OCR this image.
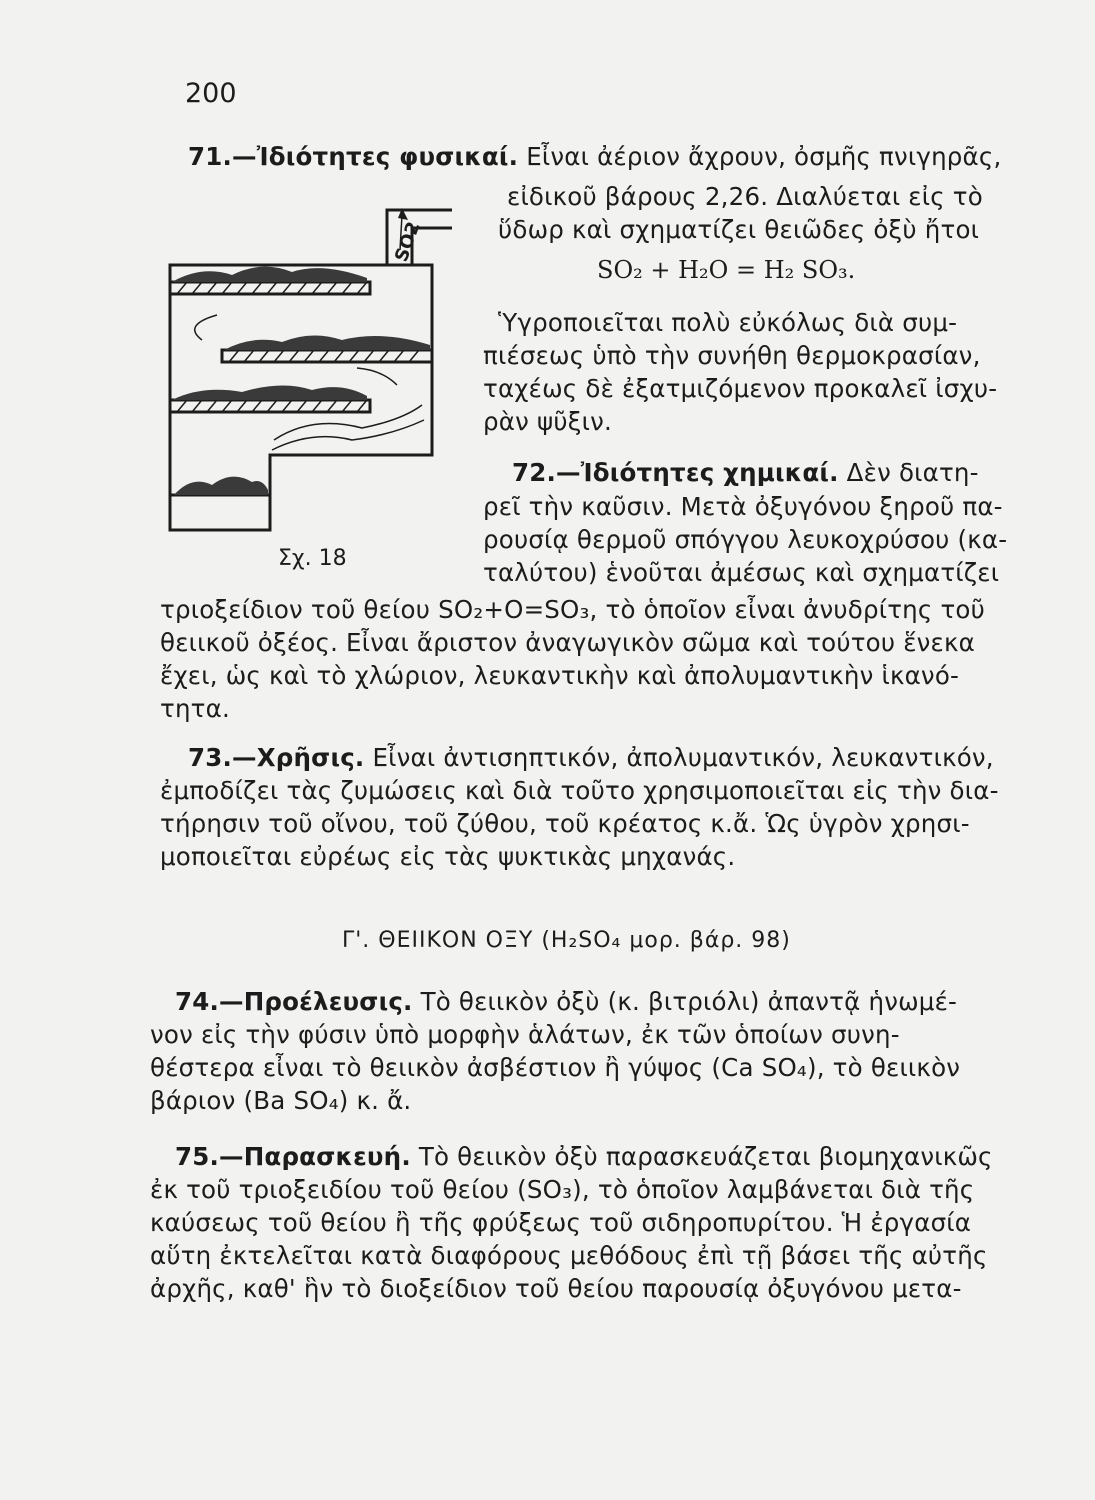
200
SO2
Σχ. 18
71.—Ἰδιότητες φυσικαί. Εἶναι ἀέριον ἄχρουν, ὀσμῆς πνιγηρᾶς,
εἰδικοῦ βάρους 2,26. Διαλύεται εἰς τὸ
ὕδωρ καὶ σχηματίζει θειῶδες ὀξὺ ἤτοι
SO₂ + H₂O = H₂ SO₃.
Ὑγροποιεῖται πολὺ εὐκόλως διὰ συμ-
πιέσεως ὑπὸ τὴν συνήθη θερμοκρασίαν,
ταχέως δὲ ἐξατμιζόμενον προκαλεῖ ἰσχυ-
ρὰν ψῦξιν.
72.—Ἰδιότητες χημικαί. Δὲν διατη-
ρεῖ τὴν καῦσιν. Μετὰ ὀξυγόνου ξηροῦ πα-
ρουσίᾳ θερμοῦ σπόγγου λευκοχρύσου (κα-
ταλύτου) ἑνοῦται ἀμέσως καὶ σχηματίζει
τριοξείδιον τοῦ θείου SO₂+O=SO₃, τὸ ὁποῖον εἶναι ἀνυδρίτης τοῦ
θειικοῦ ὀξέος. Εἶναι ἄριστον ἀναγωγικὸν σῶμα καὶ τούτου ἕνεκα
ἔχει, ὡς καὶ τὸ χλώριον, λευκαντικὴν καὶ ἀπολυμαντικὴν ἱκανό-
τητα.
73.—Χρῆσις. Εἶναι ἀντισηπτικόν, ἀπολυμαντικόν, λευκαντικόν,
ἐμποδίζει τὰς ζυμώσεις καὶ διὰ τοῦτο χρησιμοποιεῖται εἰς τὴν δια-
τήρησιν τοῦ οἴνου, τοῦ ζύθου, τοῦ κρέατος κ.ἄ. Ὡς ὑγρὸν χρησι-
μοποιεῖται εὐρέως εἰς τὰς ψυκτικὰς μηχανάς.
Γ'. ΘΕΙΙΚΟΝ ΟΞΥ (H₂SO₄ μορ. βάρ. 98)
74.—Προέλευσις. Τὸ θειικὸν ὀξὺ (κ. βιτριόλι) ἀπαντᾷ ἡνωμέ-
νον εἰς τὴν φύσιν ὑπὸ μορφὴν ἁλάτων, ἐκ τῶν ὁποίων συνη-
θέστερα εἶναι τὸ θειικὸν ἀσβέστιον ἢ γύψος (Ca SO₄), τὸ θειικὸν
βάριον (Ba SO₄) κ. ἄ.
75.—Παρασκευή. Τὸ θειικὸν ὀξὺ παρασκευάζεται βιομηχανικῶς
ἐκ τοῦ τριοξειδίου τοῦ θείου (SO₃), τὸ ὁποῖον λαμβάνεται διὰ τῆς
καύσεως τοῦ θείου ἢ τῆς φρύξεως τοῦ σιδηροπυρίτου. Ἡ ἐργασία
αὕτη ἐκτελεῖται κατὰ διαφόρους μεθόδους ἐπὶ τῇ βάσει τῆς αὐτῆς
ἀρχῆς, καθ' ἣν τὸ διοξείδιον τοῦ θείου παρουσίᾳ ὀξυγόνου μετα-
